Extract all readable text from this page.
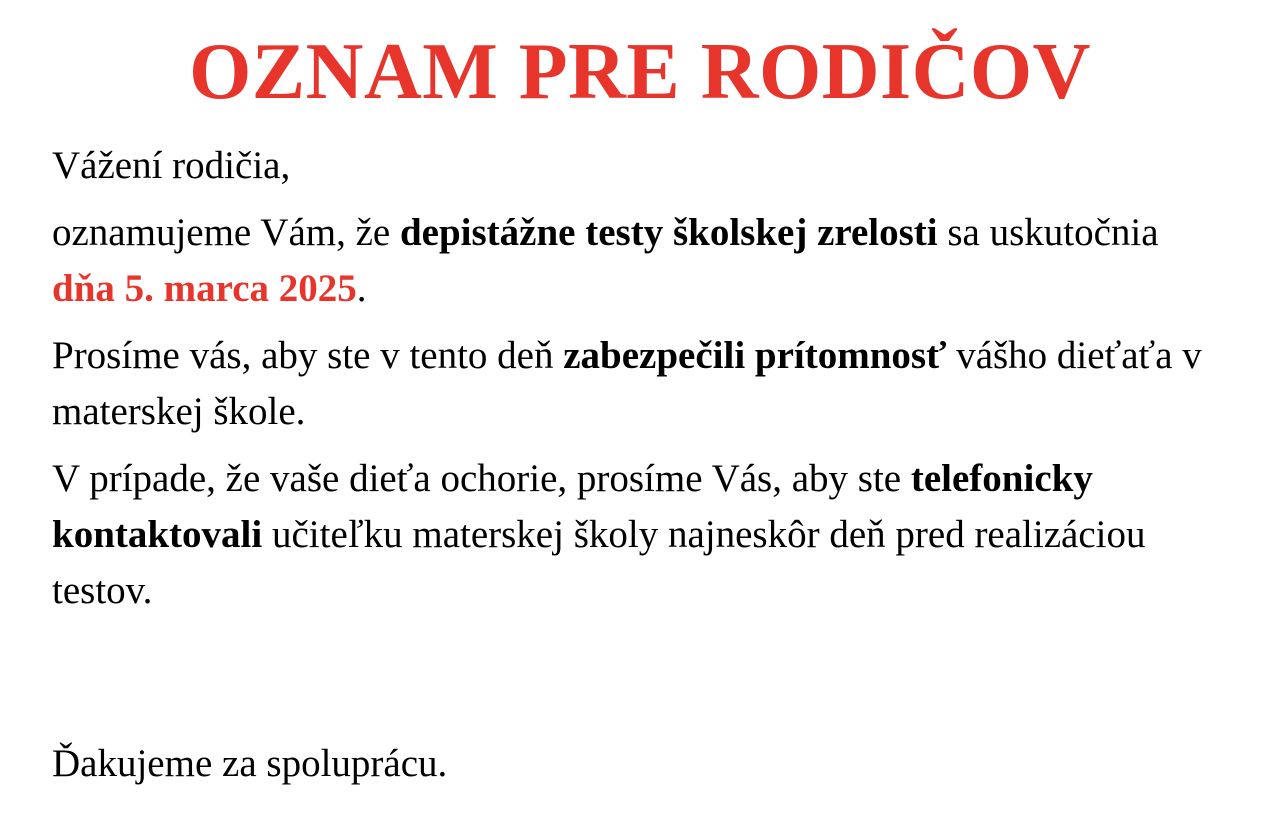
OZNAM PRE RODIČOV

Vážení rodičia,

oznamujeme Vám, že depistážne testy školskej zrelosti sa uskutočnia dňa 5. marca 2025.

Prosíme vás, aby ste v tento deň zabezpečili prítomnosť vášho dieťaťa v materskej škole.

V prípade, že vaše dieťa ochorie, prosíme Vás, aby ste telefonicky kontaktovali učiteľku materskej školy najneskôr deň pred realizáciou testov.

Ďakujeme za spoluprácu.
